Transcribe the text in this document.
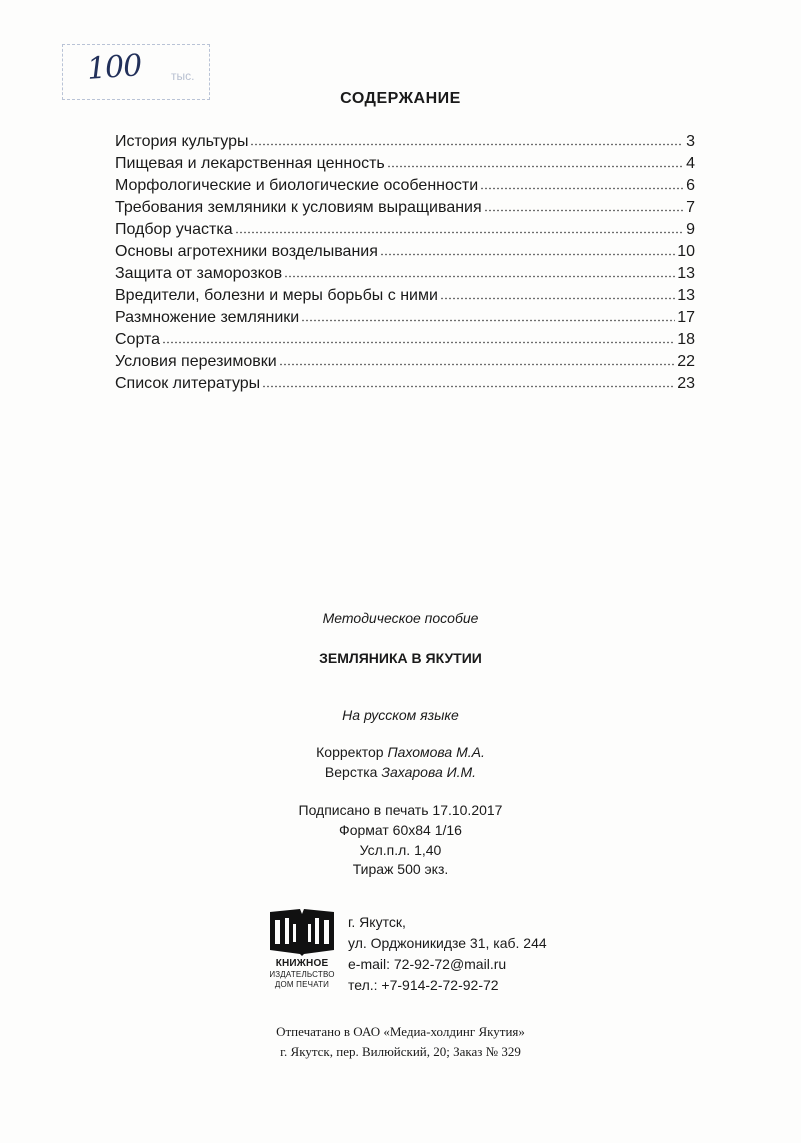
100 тыс.
СОДЕРЖАНИЕ
История культуры	3
Пищевая и лекарственная ценность	4
Морфологические и биологические особенности	6
Требования земляники к условиям выращивания	7
Подбор участка	9
Основы агротехники возделывания	10
Защита от заморозков	13
Вредители, болезни и меры борьбы с ними	13
Размножение земляники	17
Сорта	18
Условия перезимовки	22
Список литературы	23
Методическое пособие
ЗЕМЛЯНИКА В ЯКУТИИ
На русском языке
Корректор Пахомова М.А.
Верстка Захарова И.М.
Подписано в печать 17.10.2017
Формат 60x84 1/16
Усл.п.л. 1,40
Тираж 500 экз.
КНИЖНОЕ
ИЗДАТЕЛЬСТВО
ДОМ ПЕЧАТИ
г. Якутск,
ул. Орджоникидзе 31, каб. 244
e-mail: 72-92-72@mail.ru
тел.: +7-914-2-72-92-72
Отпечатано в ОАО «Медиа-холдинг Якутия»
г. Якутск, пер. Вилюйский, 20; Заказ № 329
